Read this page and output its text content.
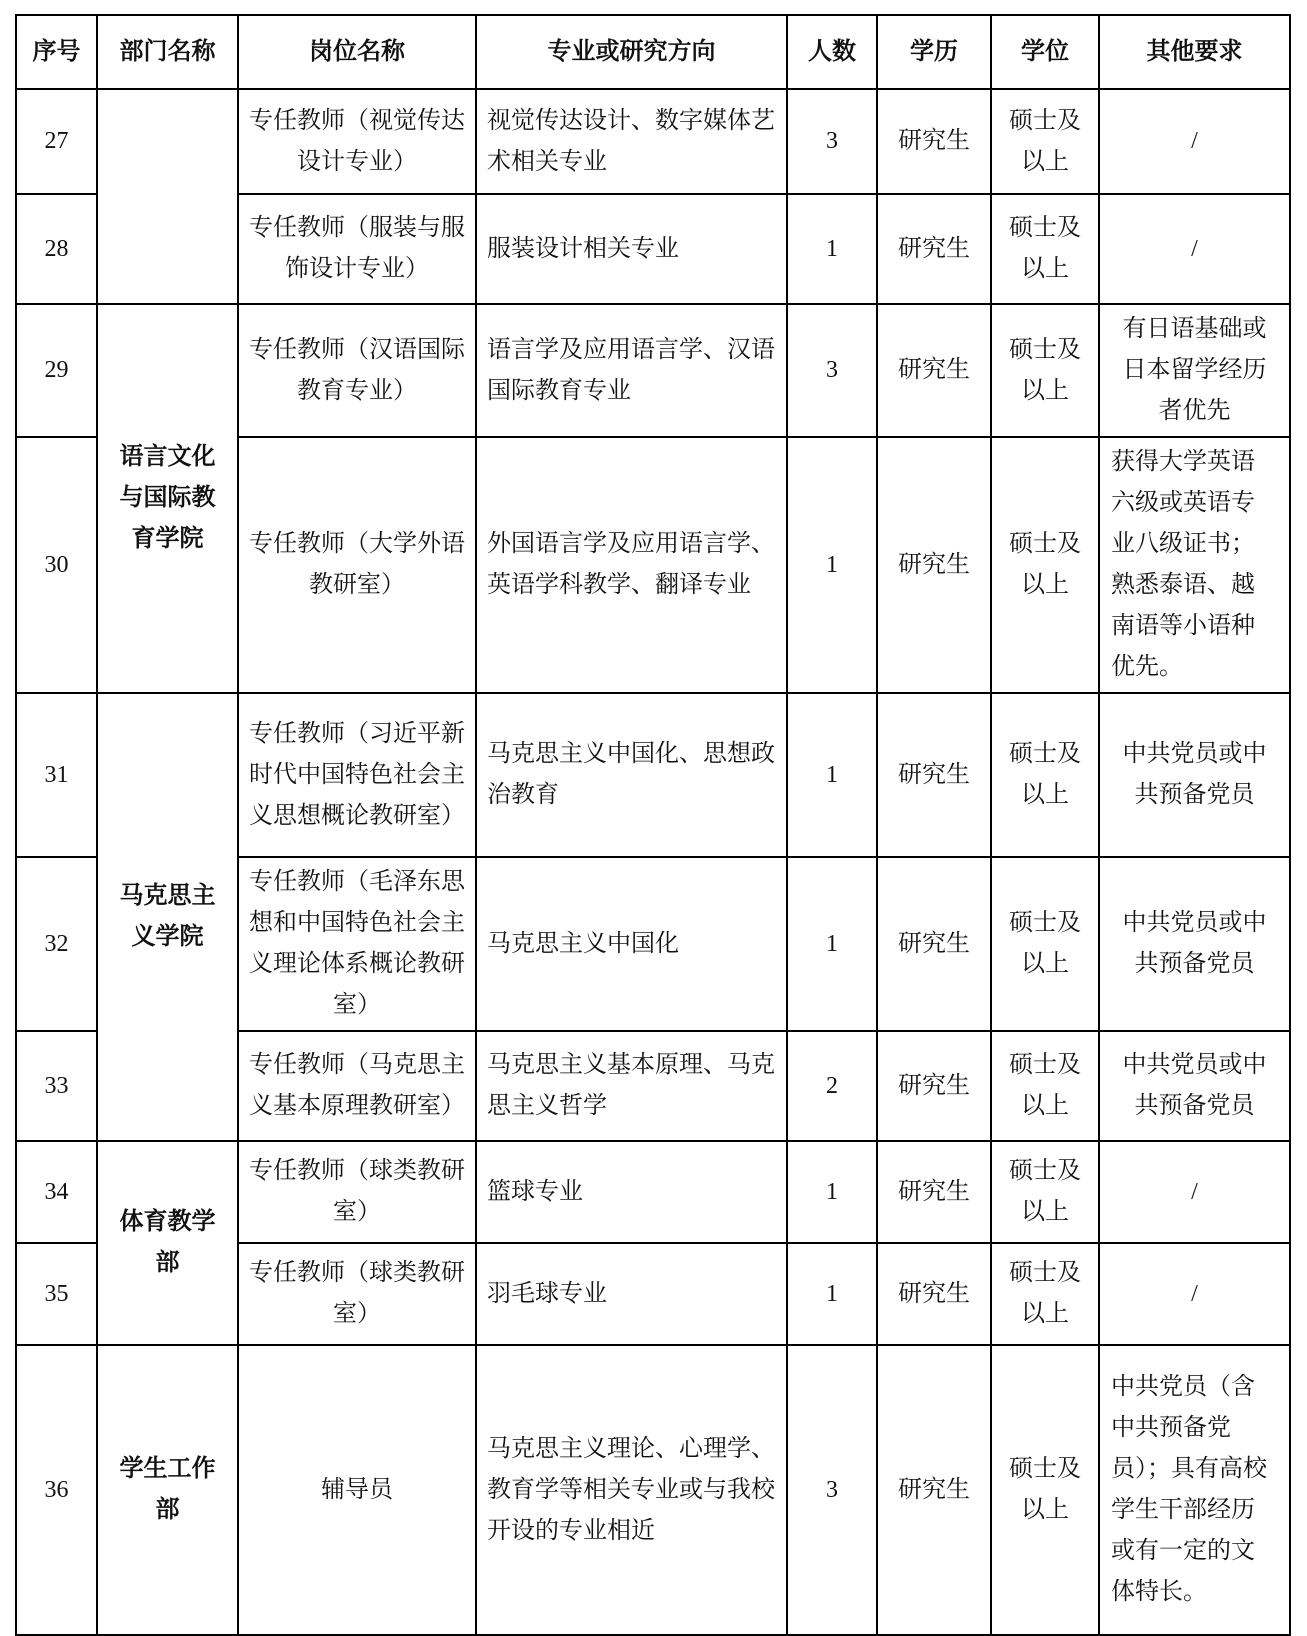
序号	部门名称	岗位名称	专业或研究方向	人数	学历	学位	其他要求
27		专任教师（视觉传达设计专业）	视觉传达设计、数字媒体艺术相关专业	3	研究生	硕士及以上	/
28		专任教师（服装与服饰设计专业）	服装设计相关专业	1	研究生	硕士及以上	/
29	语言文化与国际教育学院	专任教师（汉语国际教育专业）	语言学及应用语言学、汉语国际教育专业	3	研究生	硕士及以上	有日语基础或日本留学经历者优先
30		专任教师（大学外语教研室）	外国语言学及应用语言学、英语学科教学、翻译专业	1	研究生	硕士及以上	获得大学英语六级或英语专业八级证书；熟悉泰语、越南语等小语种优先。
31	马克思主义学院	专任教师（习近平新时代中国特色社会主义思想概论教研室）	马克思主义中国化、思想政治教育	1	研究生	硕士及以上	中共党员或中共预备党员
32		专任教师（毛泽东思想和中国特色社会主义理论体系概论教研室）	马克思主义中国化	1	研究生	硕士及以上	中共党员或中共预备党员
33		专任教师（马克思主义基本原理教研室）	马克思主义基本原理、马克思主义哲学	2	研究生	硕士及以上	中共党员或中共预备党员
34	体育教学部	专任教师（球类教研室）	篮球专业	1	研究生	硕士及以上	/
35		专任教师（球类教研室）	羽毛球专业	1	研究生	硕士及以上	/
36	学生工作部	辅导员	马克思主义理论、心理学、教育学等相关专业或与我校开设的专业相近	3	研究生	硕士及以上	中共党员（含中共预备党员）；具有高校学生干部经历或有一定的文体特长。
